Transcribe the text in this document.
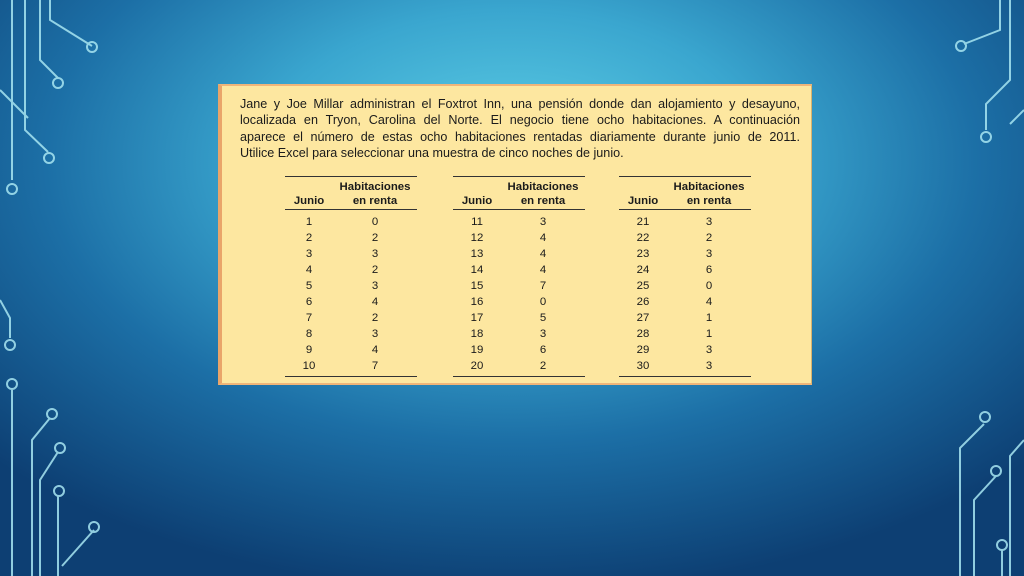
Jane y Joe Millar administran el Foxtrot Inn, una pensión donde dan alojamiento y desayuno,
localizada en Tryon, Carolina del Norte. El negocio tiene ocho habitaciones. A continuación
aparece el número de estas ocho habitaciones rentadas diariamente durante junio de 2011.
Utilice Excel para seleccionar una muestra de cinco noches de junio.
	Habitaciones
Junio	en renta
1	0
2	2
3	3
4	2
5	3
6	4
7	2
8	3
9	4
10	7
	Habitaciones
Junio	en renta
11	3
12	4
13	4
14	4
15	7
16	0
17	5
18	3
19	6
20	2
	Habitaciones
Junio	en renta
21	3
22	2
23	3
24	6
25	0
26	4
27	1
28	1
29	3
30	3
